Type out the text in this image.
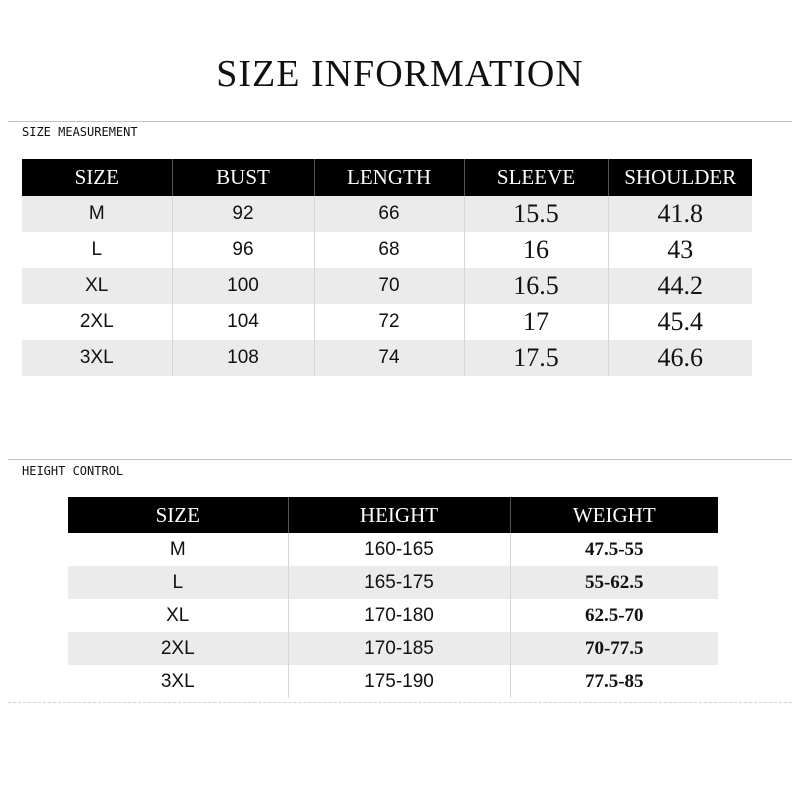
SIZE INFORMATION
SIZE MEASUREMENT
SIZE	BUST	LENGTH	SLEEVE	SHOULDER
M	92	66	15.5	41.8
L	96	68	16	43
XL	100	70	16.5	44.2
2XL	104	72	17	45.4
3XL	108	74	17.5	46.6
HEIGHT CONTROL
SIZE	HEIGHT	WEIGHT
M	160-165	47.5-55
L	165-175	55-62.5
XL	170-180	62.5-70
2XL	170-185	70-77.5
3XL	175-190	77.5-85
